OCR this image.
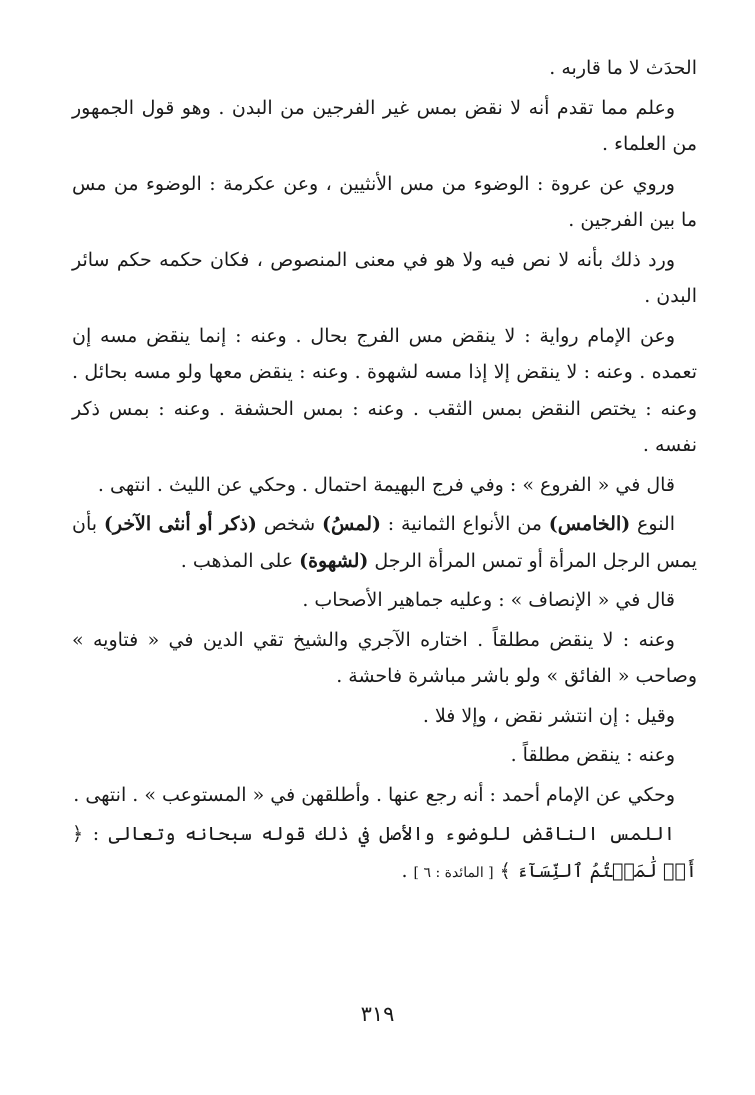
الحدَث لا ما قاربه .

وعلم مما تقدم أنه لا نقض بمس غير الفرجين من البدن . وهو قول الجمهور من العلماء .

وروي عن عروة : الوضوء من مس الأنثيين ، وعن عكرمة : الوضوء من مس ما بين الفرجين .

ورد ذلك بأنه لا نص فيه ولا هو في معنى المنصوص ، فكان حكمه حكم سائر البدن .

وعن الإمام رواية : لا ينقض مس الفرج بحال . وعنه : إنما ينقض مسه إن تعمده . وعنه : لا ينقض إلا إذا مسه لشهوة . وعنه : ينقض معها ولو مسه بحائل . وعنه : يختص النقض بمس الثقب . وعنه : بمس الحشفة . وعنه : بمس ذكر نفسه .

قال في « الفروع » : وفي فرج البهيمة احتمال . وحكي عن الليث . انتهى .

النوع (الخامس) من الأنواع الثمانية : (لمسُ) شخص (ذكر أو أنثى الآخر) بأن يمس الرجل المرأة أو تمس المرأة الرجل (لشهوة) على المذهب .

قال في « الإنصاف » : وعليه جماهير الأصحاب .

وعنه : لا ينقض مطلقاً . اختاره الآجري والشيخ تقي الدين في « فتاويه » وصاحب « الفائق » ولو باشر مباشرة فاحشة .

وقيل : إن انتشر نقض ، وإلا فلا .

وعنه : ينقض مطلقاً .

وحكي عن الإمام أحمد : أنه رجع عنها . وأطلقهن في « المستوعب » . انتهى .

اللمس الناقض للوضوء والأصل في ذلك قوله سبحانه وتعالى : ﴿ أَوۡ لَٰمَسۡتُمُ ٱلنِّسَآءَ ﴾ [ المائدة : ٦ ] .

٣١٩
